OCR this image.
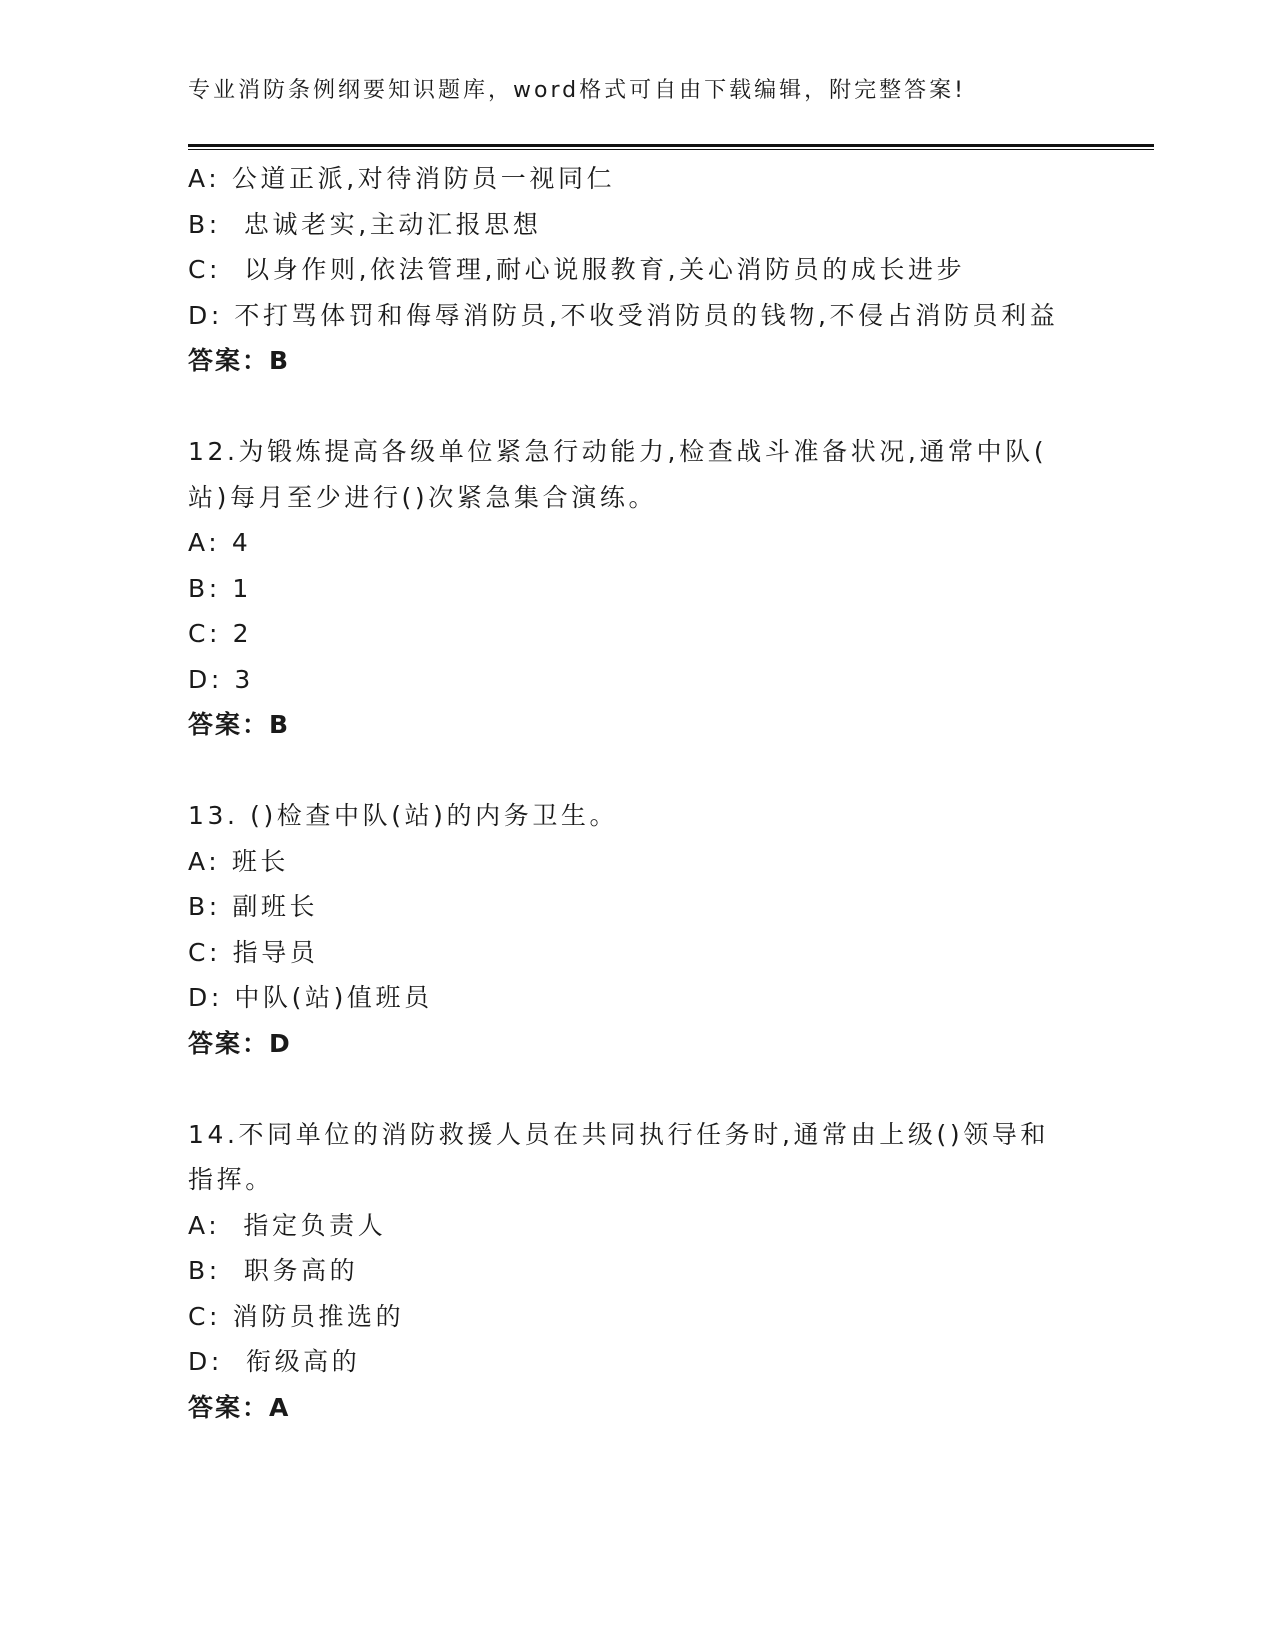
专业消防条例纲要知识题库，word格式可自由下载编辑，附完整答案!
A: 公道正派,对待消防员一视同仁
B:  忠诚老实,主动汇报思想
C:  以身作则,依法管理,耐心说服教育,关心消防员的成长进步
D: 不打骂体罚和侮辱消防员,不收受消防员的钱物,不侵占消防员利益
答案：B
12.为锻炼提高各级单位紧急行动能力,检查战斗准备状况,通常中队(
站)每月至少进行()次紧急集合演练。
A: 4
B: 1
C: 2
D: 3
答案：B
13. ()检查中队(站)的内务卫生。
A: 班长
B: 副班长
C: 指导员
D: 中队(站)值班员
答案：D
14.不同单位的消防救援人员在共同执行任务时,通常由上级()领导和
指挥。
A:  指定负责人
B:  职务高的
C: 消防员推选的
D:  衔级高的
答案：A
